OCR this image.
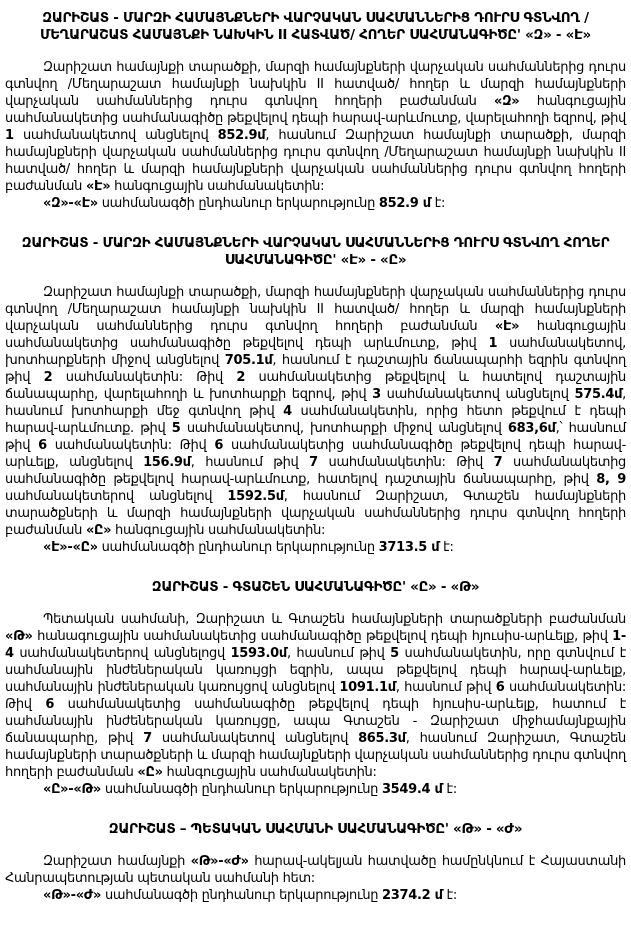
ԶԱՐԻՇԱՏ - ՄԱՐԶԻ ՀԱՄԱՅՆՔՆԵՐԻ ՎԱՐՉԱԿԱՆ ՍԱՀՄԱՆՆԵՐԻՑ ԴՈՒՐՍ ԳՏՆՎՈՂ /ՄԵՂԱՐԱՇԱՏ ՀԱՄԱՅՆՔԻ ՆԱԽԿԻՆ II ՀԱՏՎԱԾ/ ՀՈՂԵՐ ՍԱՀՄԱՆԱԳԻԾԸ' «Զ» - «Է»
Զարիշատ համայնքի տարածքի, մարզի համայնքների վարչական սահմաններից դուրս գտնվող /Մեղարաշատ համայնքի նախկին II հատված/ հողեր և մարզի համայնքների վարչական սահմաններից դուրս գտնվող հողերի բաժանման «Զ» հանգուցային սահմանակետից սահմանագիծը թեքվելով դեպի հարավ-արևմուտք, վարելահողի եզրով, թիվ 1 սահմանակետով անցնելով 852.9մ, հասնում Զարիշատ համայնքի տարածքի, մարզի համայնքների վարչական սահմաններից դուրս գտնվող /Մեղարաշատ համայնքի նախկին II հատված/ հողեր և մարզի համայնքների վարչական սահմաններից դուրս գտնվող հողերի բաժանման «Է» հանգուցային սահմանակետին:
«Զ»-«Է» սահմանագծի ընդհանուր երկարությունը 852.9 մ է:
ԶԱՐԻՇԱՏ - ՄԱՐԶԻ ՀԱՄԱՅՆՔՆԵՐԻ ՎԱՐՉԱԿԱՆ ՍԱՀՄԱՆՆԵՐԻՑ ԴՈՒՐՍ ԳՏՆՎՈՂ ՀՈՂԵՐ ՍԱՀՄԱՆԱԳԻԾԸ' «Է» - «Ը»
Զարիշատ համայնքի տարածքի, մարզի համայնքների վարչական սահմաններից դուրս գտնվող /Մեղարաշատ համայնքի նախկին II հատված/ հողեր և մարզի համայնքների վարչական սահմաններից դուրս գտնվող հողերի բաժանման «Է» հանգուցային սահմանակետից սահմանագիծը թեքվելով դեպի արևմուտք, թիվ 1 սահմանակետով, խոտհարքների միջով անցնելով 705.1մ, հասնում է դաշտային ճանապարհի եզրին գտնվող թիվ 2 սահմանակետին: Թիվ 2 սահմանակետից թեքվելով և հատելով դաշտային ճանապարհը, վարելահողի և խոտհարքի եզրով, թիվ 3 սահմանակետով անցնելով 575.4մ, հասնում խոտհարքի մեջ գտնվող թիվ 4 սահմանակետին, որից հետո թեքվում է դեպի հարավ-արևմուտք. թիվ 5 սահմանակետով, խոտհարքի միջով անցնելով 683,6մ,՝ հասնում թիվ 6 սահմանակետին: Թիվ 6 սահմանակետից սահմանագիծը թեքվելով դեպի հարավ-արևելք, անցնելով 156.9մ, հասնում թիվ 7 սահմանակետին: Թիվ 7 սահմանակետից սահմանագիծը թեքվելով հարավ-արևմուտք, հատելով դաշտային ճանապարհը, թիվ 8, 9 սահմանակետերով անցնելով 1592.5մ, հասնում Զարիշատ, Գտաշեն համայնքների տարածքների և մարզի համայնքների վարչական սահմաններից դուրս գտնվող հողերի բաժանման «Ը» հանգուցային սահմանակետին:
«Է»-«Ը» սահմանագծի ընդհանուր երկարությունը 3713.5 մ է:
ԶԱՐԻՇԱՏ - ԳՏԱՇԵՆ ՍԱՀՄԱՆԱԳԻԾԸ' «Ը» - «Թ»
Պետական սահմանի, Զարիշատ և Գտաշեն համայնքների տարածքների բաժանման «Թ» հանագուցային սահմանակետից սահմանագիծը թեքվելով դեպի հյուսիս-արևելք, թիվ 1-4 սահմանակետերով անցնելոցվ 1593.0մ, հասնում թիվ 5 սահմանակետին, որը գտնվում է սահմանային ինժեներական կառույցի եզրին, ապա թեքվելով դեպի հարավ-արևելք, սահմանային ինժեներական կառույցով անցնելով 1091.1մ, հասնում թիվ 6 սահմանակետին: Թիվ 6 սահմանակետից սահմանագիծը թեքվելով դեպի հյուսիս-արևելք, հատում է սահմանային ինժեներական կառույցը, ապա Գտաշեն - Զարիշատ միջհամայնքային ճանապարհը, թիվ 7 սահմանակետով անցնելով 865.3մ, հասնում Զարիշատ, Գտաշեն համայնքների տարածքների և մարզի համայնքների վարչական սահմաններից դուրս գտնվող հողերի բաժանման «Ը» հանգուցային սահմանակետին:
«Ը»-«Թ» սահմանագծի ընդհանուր երկարությունը 3549.4 մ է:
ԶԱՐԻՇԱՏ – ՊԵՏԱԿԱՆ ՍԱՀՄԱՆԻ ՍԱՀՄԱՆԱԳԻԾԸ' «Թ» - «Ժ»
Զարիշատ համայնքի «Թ»-«Ժ» հարավ-ակելյան հատվածը համընկնում է Հայաստանի Հանրապետության պետական սահմանի հետ:
«Թ»-«Ժ» սահմանագծի ընդհանուր երկարությունը 2374.2 մ է:
